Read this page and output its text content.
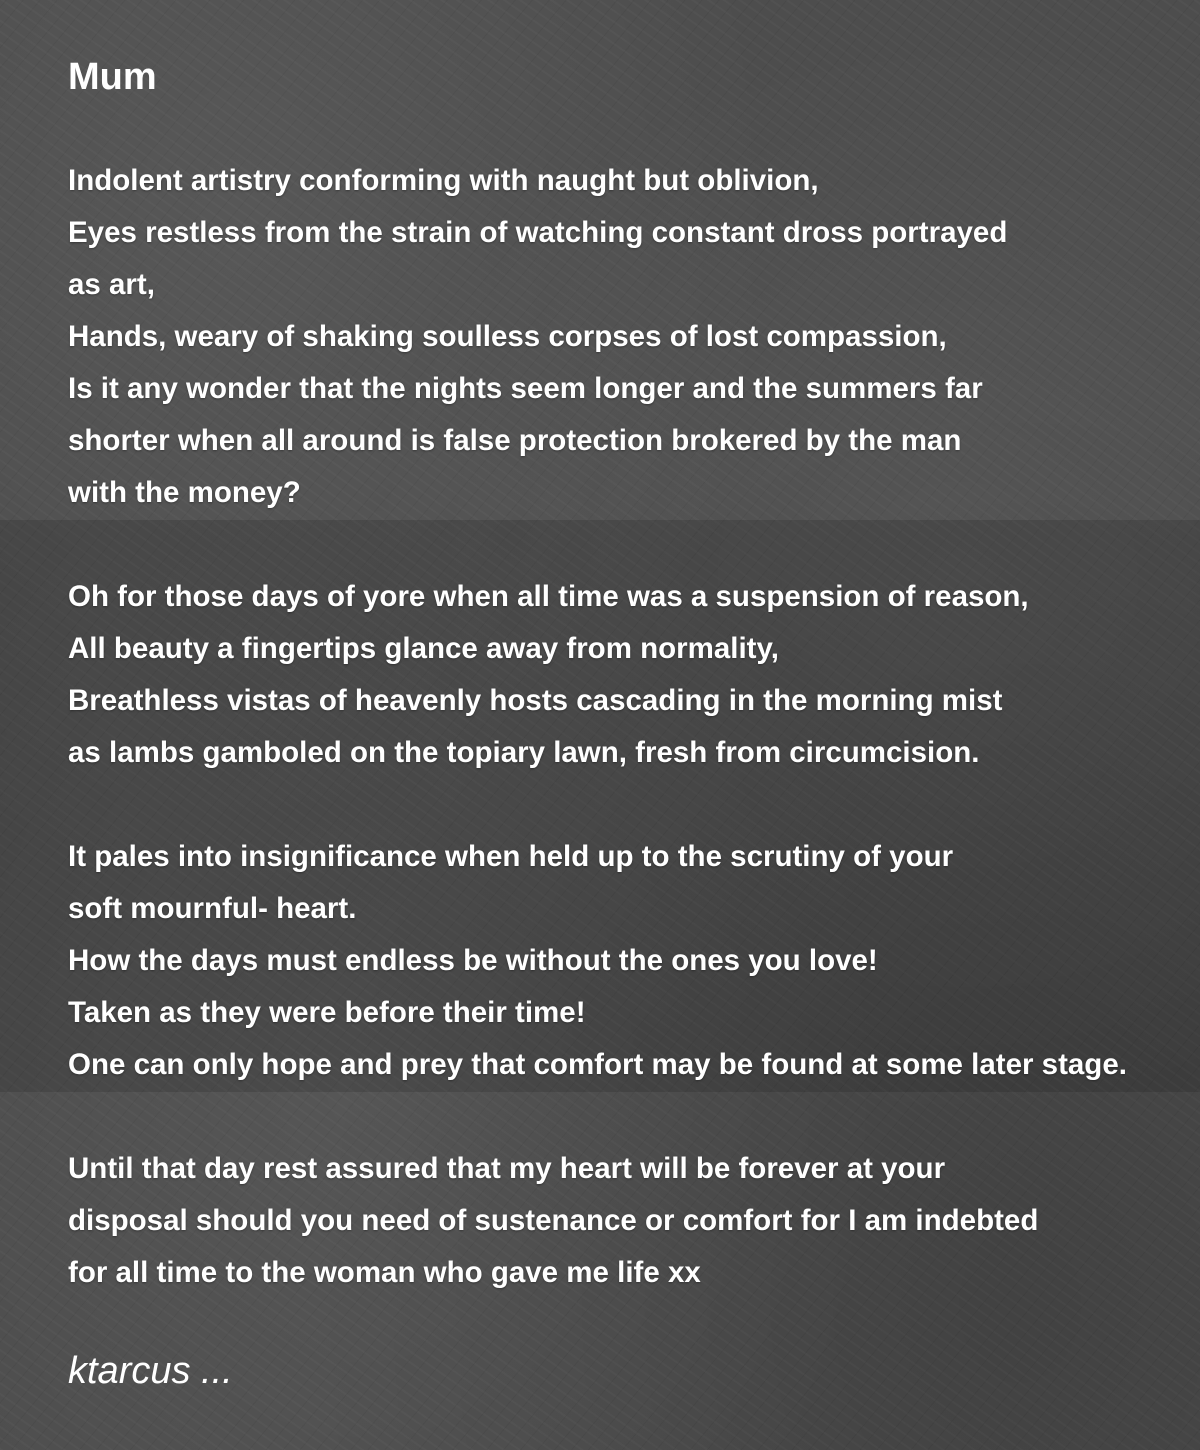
Mum
Indolent artistry conforming with naught but oblivion,
Eyes restless from the strain of watching constant dross portrayed
as art,
Hands, weary of shaking soulless corpses of lost compassion,
Is it any wonder that the nights seem longer and the summers far
shorter when all around is false protection brokered by the man
with the money?
Oh for those days of yore when all time was a suspension of reason,
All beauty a fingertips glance away from normality,
Breathless vistas of heavenly hosts cascading in the morning mist
as lambs gamboled on the topiary lawn, fresh from circumcision.
It pales into insignificance when held up to the scrutiny of your
soft mournful- heart.
How the days must endless be without the ones you love!
Taken as they were before their time!
One can only hope and prey that comfort may be found at some later stage.
Until that day rest assured that my heart will be forever at your
disposal should you need of sustenance or comfort for I am indebted
for all time to the woman who gave me life xx
ktarcus ...
